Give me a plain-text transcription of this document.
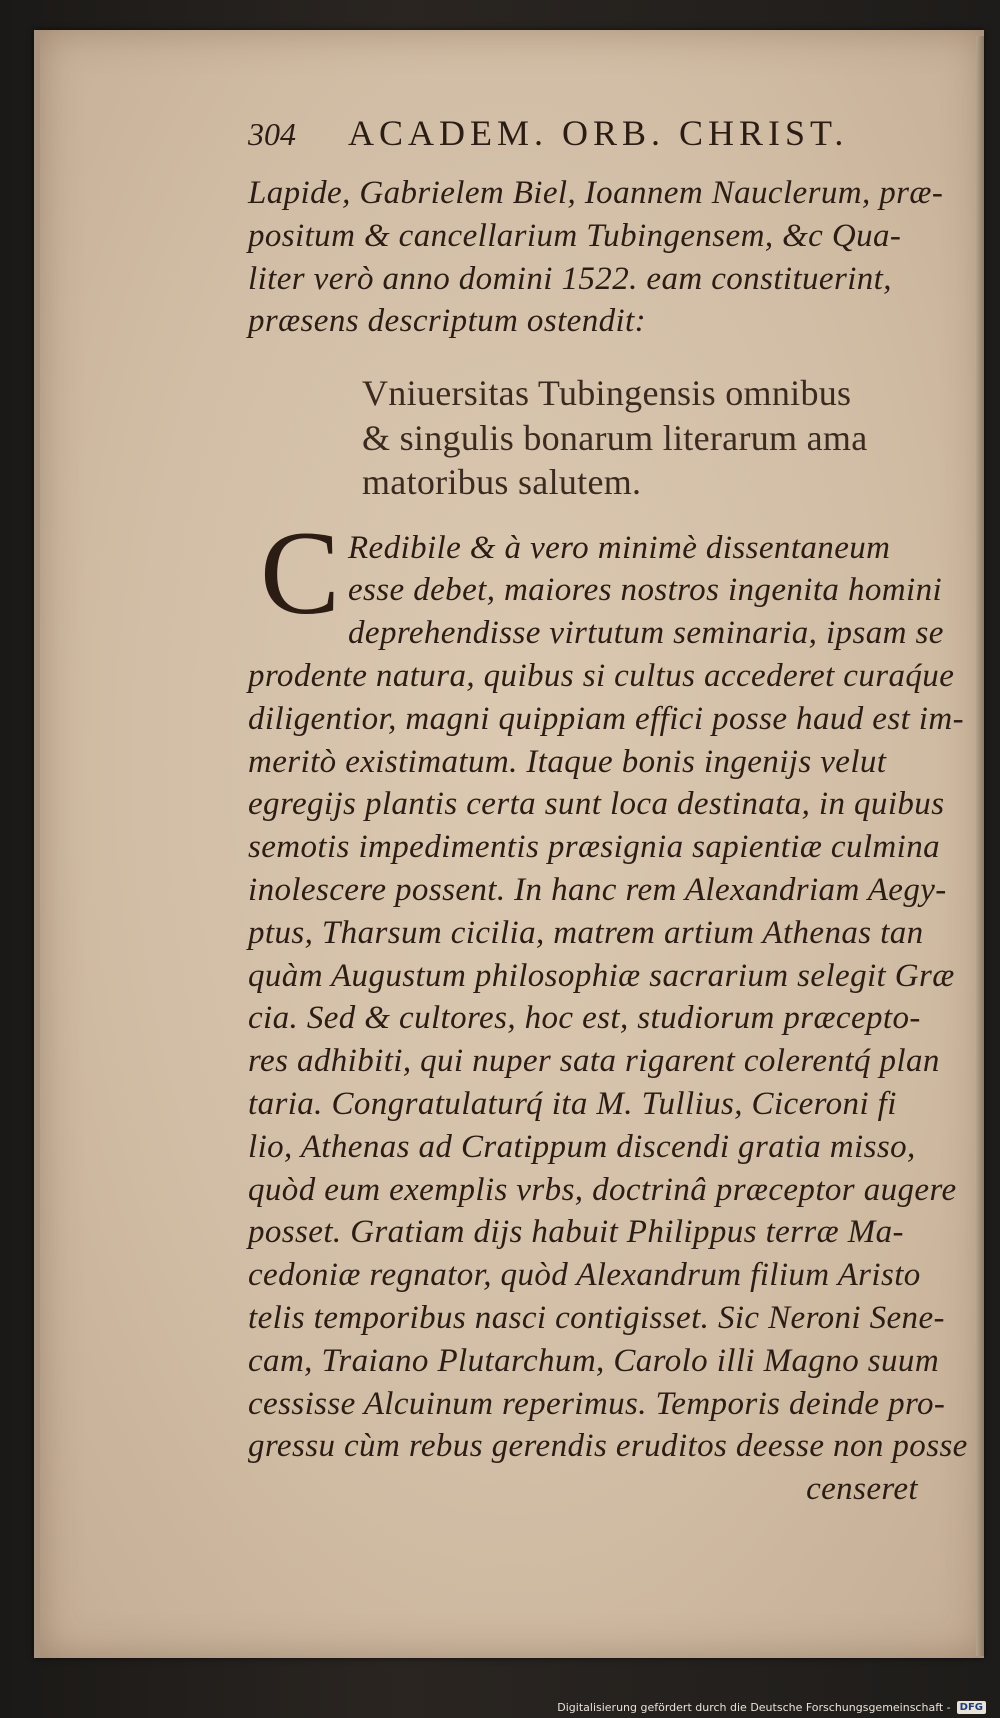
304 ACADEM. ORB. CHRIST.
Lapide, Gabrielem Biel, Ioannem Nauclerum, præ-
positum & cancellarium Tubingensem, &c Qua-
liter verò anno domini 1522. eam constituerint,
præsens descriptum ostendit:
Vniuersitas Tubingensis omnibus
& singulis bonarum literarum ama
matoribus salutem.
C Redibile & à vero minimè dissentaneum
esse debet, maiores nostros ingenita homini
deprehendisse virtutum seminaria, ipsam se
prodente natura, quibus si cultus accederet curaq́ue
diligentior, magni quippiam effici posse haud est im-
meritò existimatum. Itaque bonis ingenijs velut
egregijs plantis certa sunt loca destinata, in quibus
semotis impedimentis præsignia sapientiæ culmina
inolescere possent. In hanc rem Alexandriam Aegy-
ptus, Tharsum cicilia, matrem artium Athenas tan
quàm Augustum philosophiæ sacrarium selegit Græ
cia. Sed & cultores, hoc est, studiorum præcepto-
res adhibiti, qui nuper sata rigarent colerentq́ plan
taria. Congratulaturq́ ita M. Tullius, Ciceroni fi
lio, Athenas ad Cratippum discendi gratia misso,
quòd eum exemplis vrbs, doctrinâ præceptor augere
posset. Gratiam dijs habuit Philippus terræ Ma-
cedoniæ regnator, quòd Alexandrum filium Aristo
telis temporibus nasci contigisset. Sic Neroni Sene-
cam, Traiano Plutarchum, Carolo illi Magno suum
cessisse Alcuinum reperimus. Temporis deinde pro-
gressu cùm rebus gerendis eruditos deesse non posse
censeret
Digitalisierung gefördert durch die Deutsche Forschungsgemeinschaft - DFG
